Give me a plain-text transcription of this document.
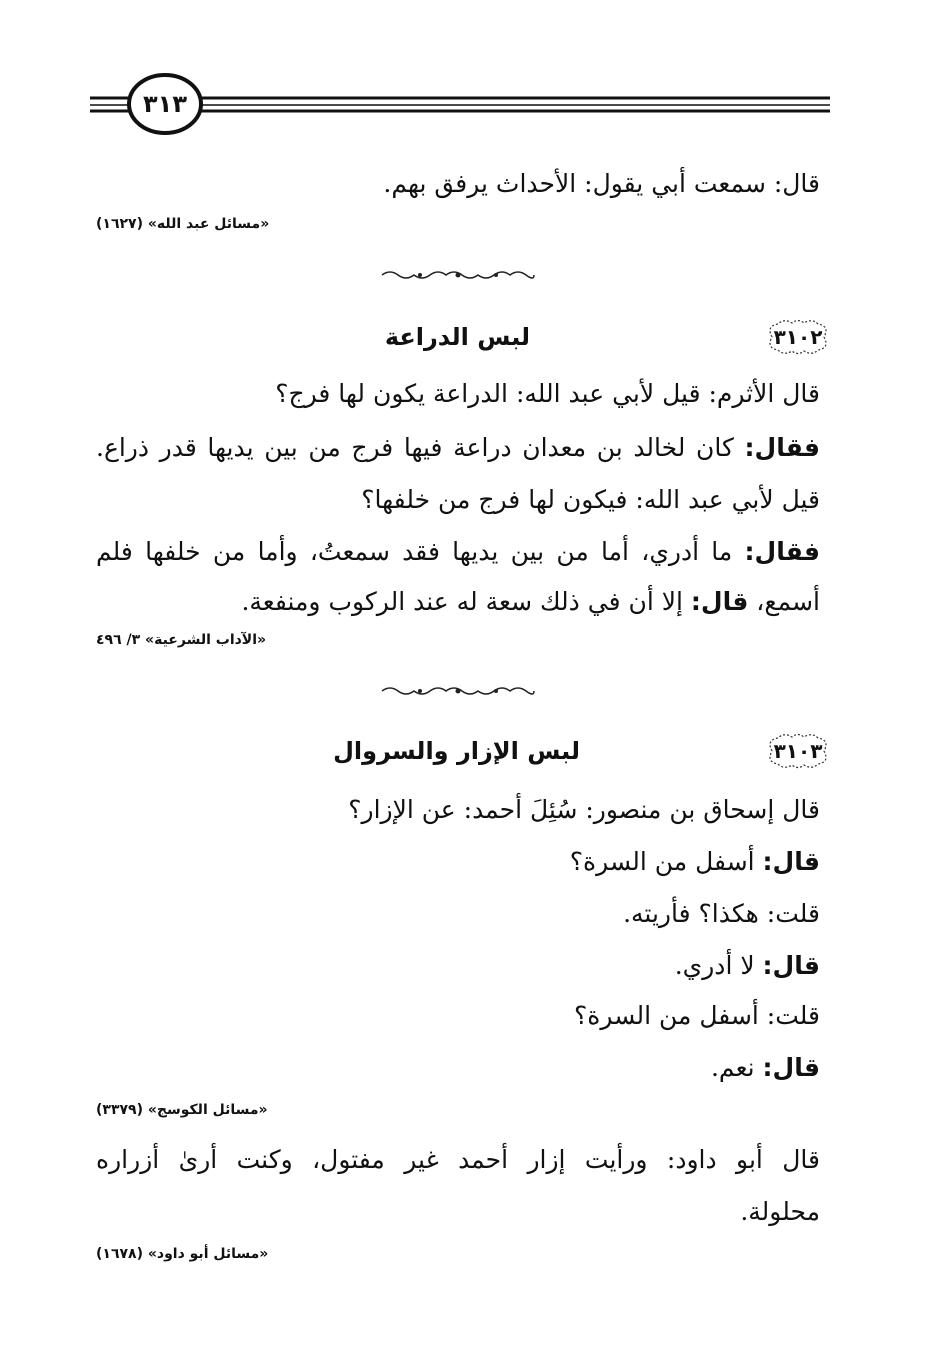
٣١٣
قال: سمعت أبي يقول: الأحداث يرفق بهم.
«مسائل عبد الله» (١٦٢٧)
٣١٠٢
لبس الدراعة
قال الأثرم: قيل لأبي عبد الله: الدراعة يكون لها فرج؟
فقال: كان لخالد بن معدان دراعة فيها فرج من بين يديها قدر ذراع.
قيل لأبي عبد الله: فيكون لها فرج من خلفها؟
فقال: ما أدري، أما من بين يديها فقد سمعتُ، وأما من خلفها فلم
أسمع، قال: إلا أن في ذلك سعة له عند الركوب ومنفعة.
«الآداب الشرعية» ٣/ ٤٩٦
٣١٠٣
لبس الإزار والسروال
قال إسحاق بن منصور: سُئِلَ أحمد: عن الإزار؟
قال: أسفل من السرة؟
قلت: هكذا؟ فأريته.
قال: لا أدري.
قلت: أسفل من السرة؟
قال: نعم.
«مسائل الكوسج» (٣٣٧٩)
قال أبو داود: ورأيت إزار أحمد غير مفتول، وكنت أرىٰ أزراره
محلولة.
«مسائل أبو داود» (١٦٧٨)
